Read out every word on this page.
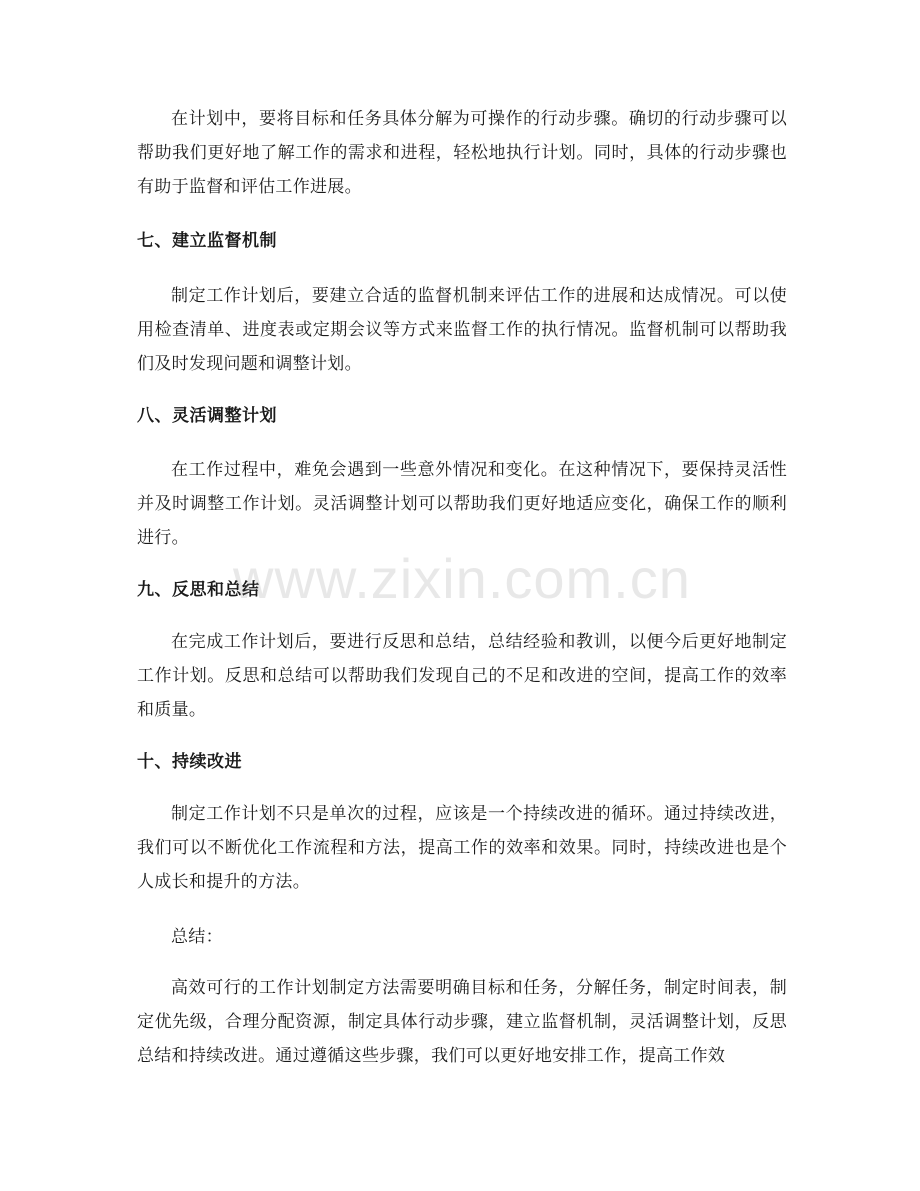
在计划中，要将目标和任务具体分解为可操作的行动步骤。确切的行动步骤可以帮助我们更好地了解工作的需求和进程，轻松地执行计划。同时，具体的行动步骤也有助于监督和评估工作进展。

七、建立监督机制

制定工作计划后，要建立合适的监督机制来评估工作的进展和达成情况。可以使用检查清单、进度表或定期会议等方式来监督工作的执行情况。监督机制可以帮助我们及时发现问题和调整计划。

八、灵活调整计划

在工作过程中，难免会遇到一些意外情况和变化。在这种情况下，要保持灵活性并及时调整工作计划。灵活调整计划可以帮助我们更好地适应变化，确保工作的顺利进行。

九、反思和总结

在完成工作计划后，要进行反思和总结，总结经验和教训，以便今后更好地制定工作计划。反思和总结可以帮助我们发现自己的不足和改进的空间，提高工作的效率和质量。

十、持续改进

制定工作计划不只是单次的过程，应该是一个持续改进的循环。通过持续改进，我们可以不断优化工作流程和方法，提高工作的效率和效果。同时，持续改进也是个人成长和提升的方法。

总结：

高效可行的工作计划制定方法需要明确目标和任务，分解任务，制定时间表，制定优先级，合理分配资源，制定具体行动步骤，建立监督机制，灵活调整计划，反思总结和持续改进。通过遵循这些步骤，我们可以更好地安排工作，提高工作效

www.zixin.com.cn
